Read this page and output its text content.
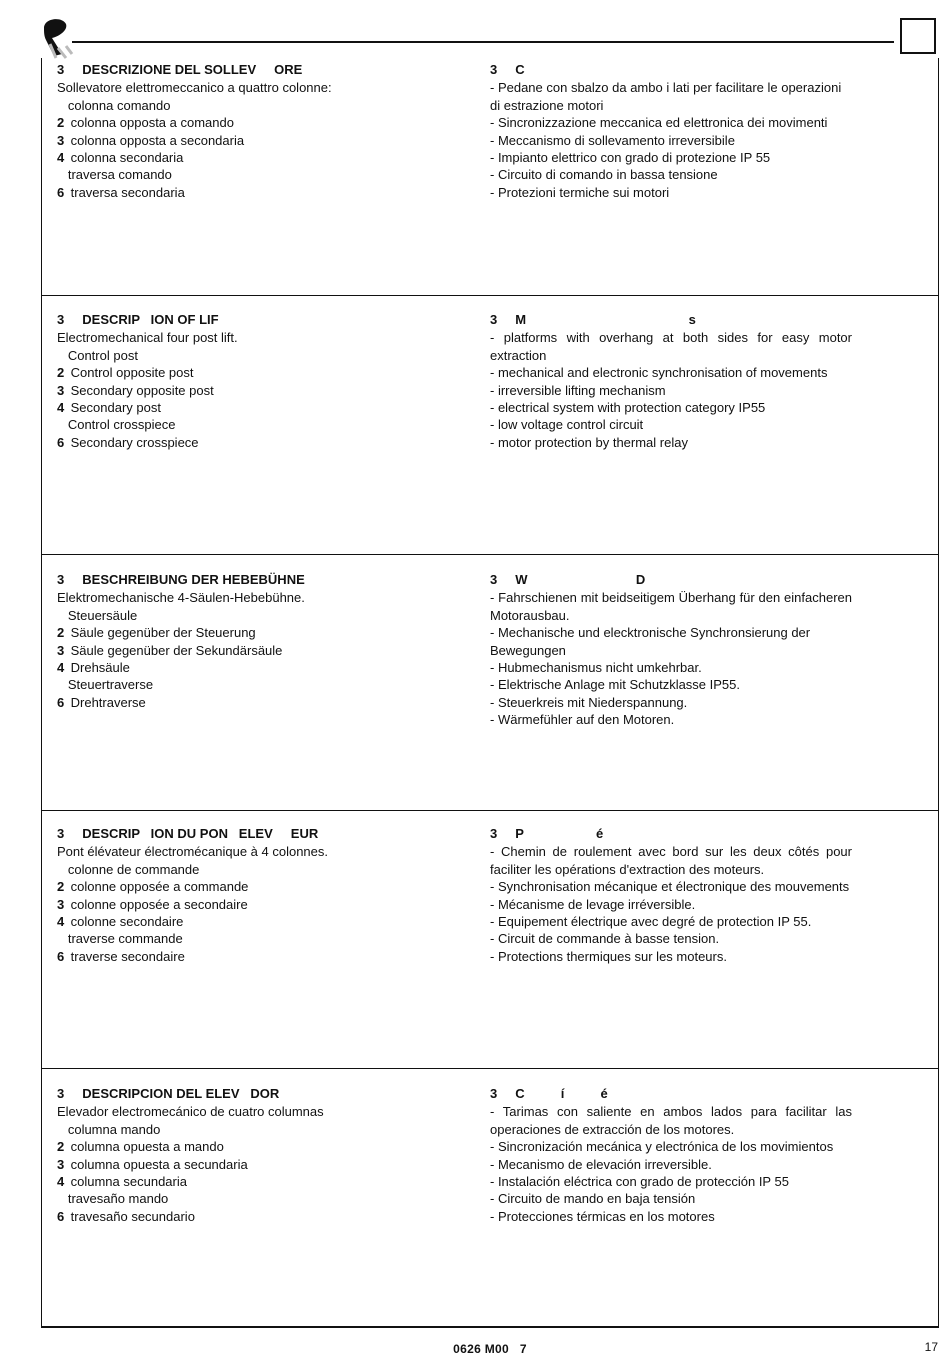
3     DESCRIZIONE DEL SOLLEV     ORE
Sollevatore elettromeccanico a quattro colonne:
colonna comando
2 colonna opposta a comando
3 colonna opposta a secondaria
4 colonna secondaria
traversa comando
6 traversa secondaria
3     C
- Pedane con sbalzo da ambo i lati per facilitare le operazioni di estrazione motori
- Sincronizzazione meccanica ed elettronica dei movimenti
- Meccanismo di sollevamento irreversibile
- Impianto elettrico con grado di protezione IP 55
- Circuito di comando in bassa tensione
- Protezioni termiche sui motori
3     DESCRIP   ION OF LIF
Electromechanical four post lift.
Control post
2 Control opposite post
3 Secondary opposite post
4 Secondary post
Control crosspiece
6 Secondary crosspiece
3     M                                             s
- platforms with overhang at both sides for easy motor extraction
- mechanical and electronic synchronisation of movements
- irreversible lifting mechanism
- electrical system with protection category IP55
- low voltage control circuit
- motor protection by thermal relay
3     BESCHREIBUNG DER HEBEBÜHNE
Elektromechanische 4-Säulen-Hebebühne.
Steuersäule
2 Säule gegenüber der Steuerung
3 Säule gegenüber der Sekundärsäule
4 Drehsäule
Steuertraverse
6 Drehtraverse
3     W                              D
- Fahrschienen mit beidseitigem Überhang für den einfacheren Motorausbau.
- Mechanische und elecktronische Synchronsierung der Bewegungen
- Hubmechanismus nicht umkehrbar.
- Elektrische Anlage mit Schutzklasse IP55.
- Steuerkreis mit Niederspannung.
- Wärmefühler auf den Motoren.
3     DESCRIP   ION DU PON   ELEV     EUR
Pont élévateur électromécanique à 4 colonnes.
colonne de commande
2 colonne opposée a commande
3 colonne opposée a secondaire
4 colonne secondaire
traverse commande
6 traverse secondaire
3     P                    é
- Chemin de roulement avec bord sur les deux côtés pour faciliter les opérations d'extraction des moteurs.
- Synchronisation mécanique et électronique des mouvements
- Mécanisme de levage irréversible.
- Equipement électrique avec degré de protection IP 55.
- Circuit de commande à basse tension.
- Protections thermiques sur les moteurs.
3     DESCRIPCION DEL ELEV   DOR
Elevador electromecánico de cuatro columnas
columna mando
2 columna opuesta a mando
3 columna opuesta a secundaria
4 columna secundaria
travesaño mando
6 travesaño secundario
3     C          í          é
- Tarimas con saliente en ambos lados para facilitar las operaciones de extracción de los motores.
- Sincronización mecánica y electrónica de los movimientos
- Mecanismo de elevación irreversible.
- Instalación eléctrica con grado de protección IP 55
- Circuito de mando en baja tensión
- Protecciones térmicas en los motores
0626 M00   7	17
